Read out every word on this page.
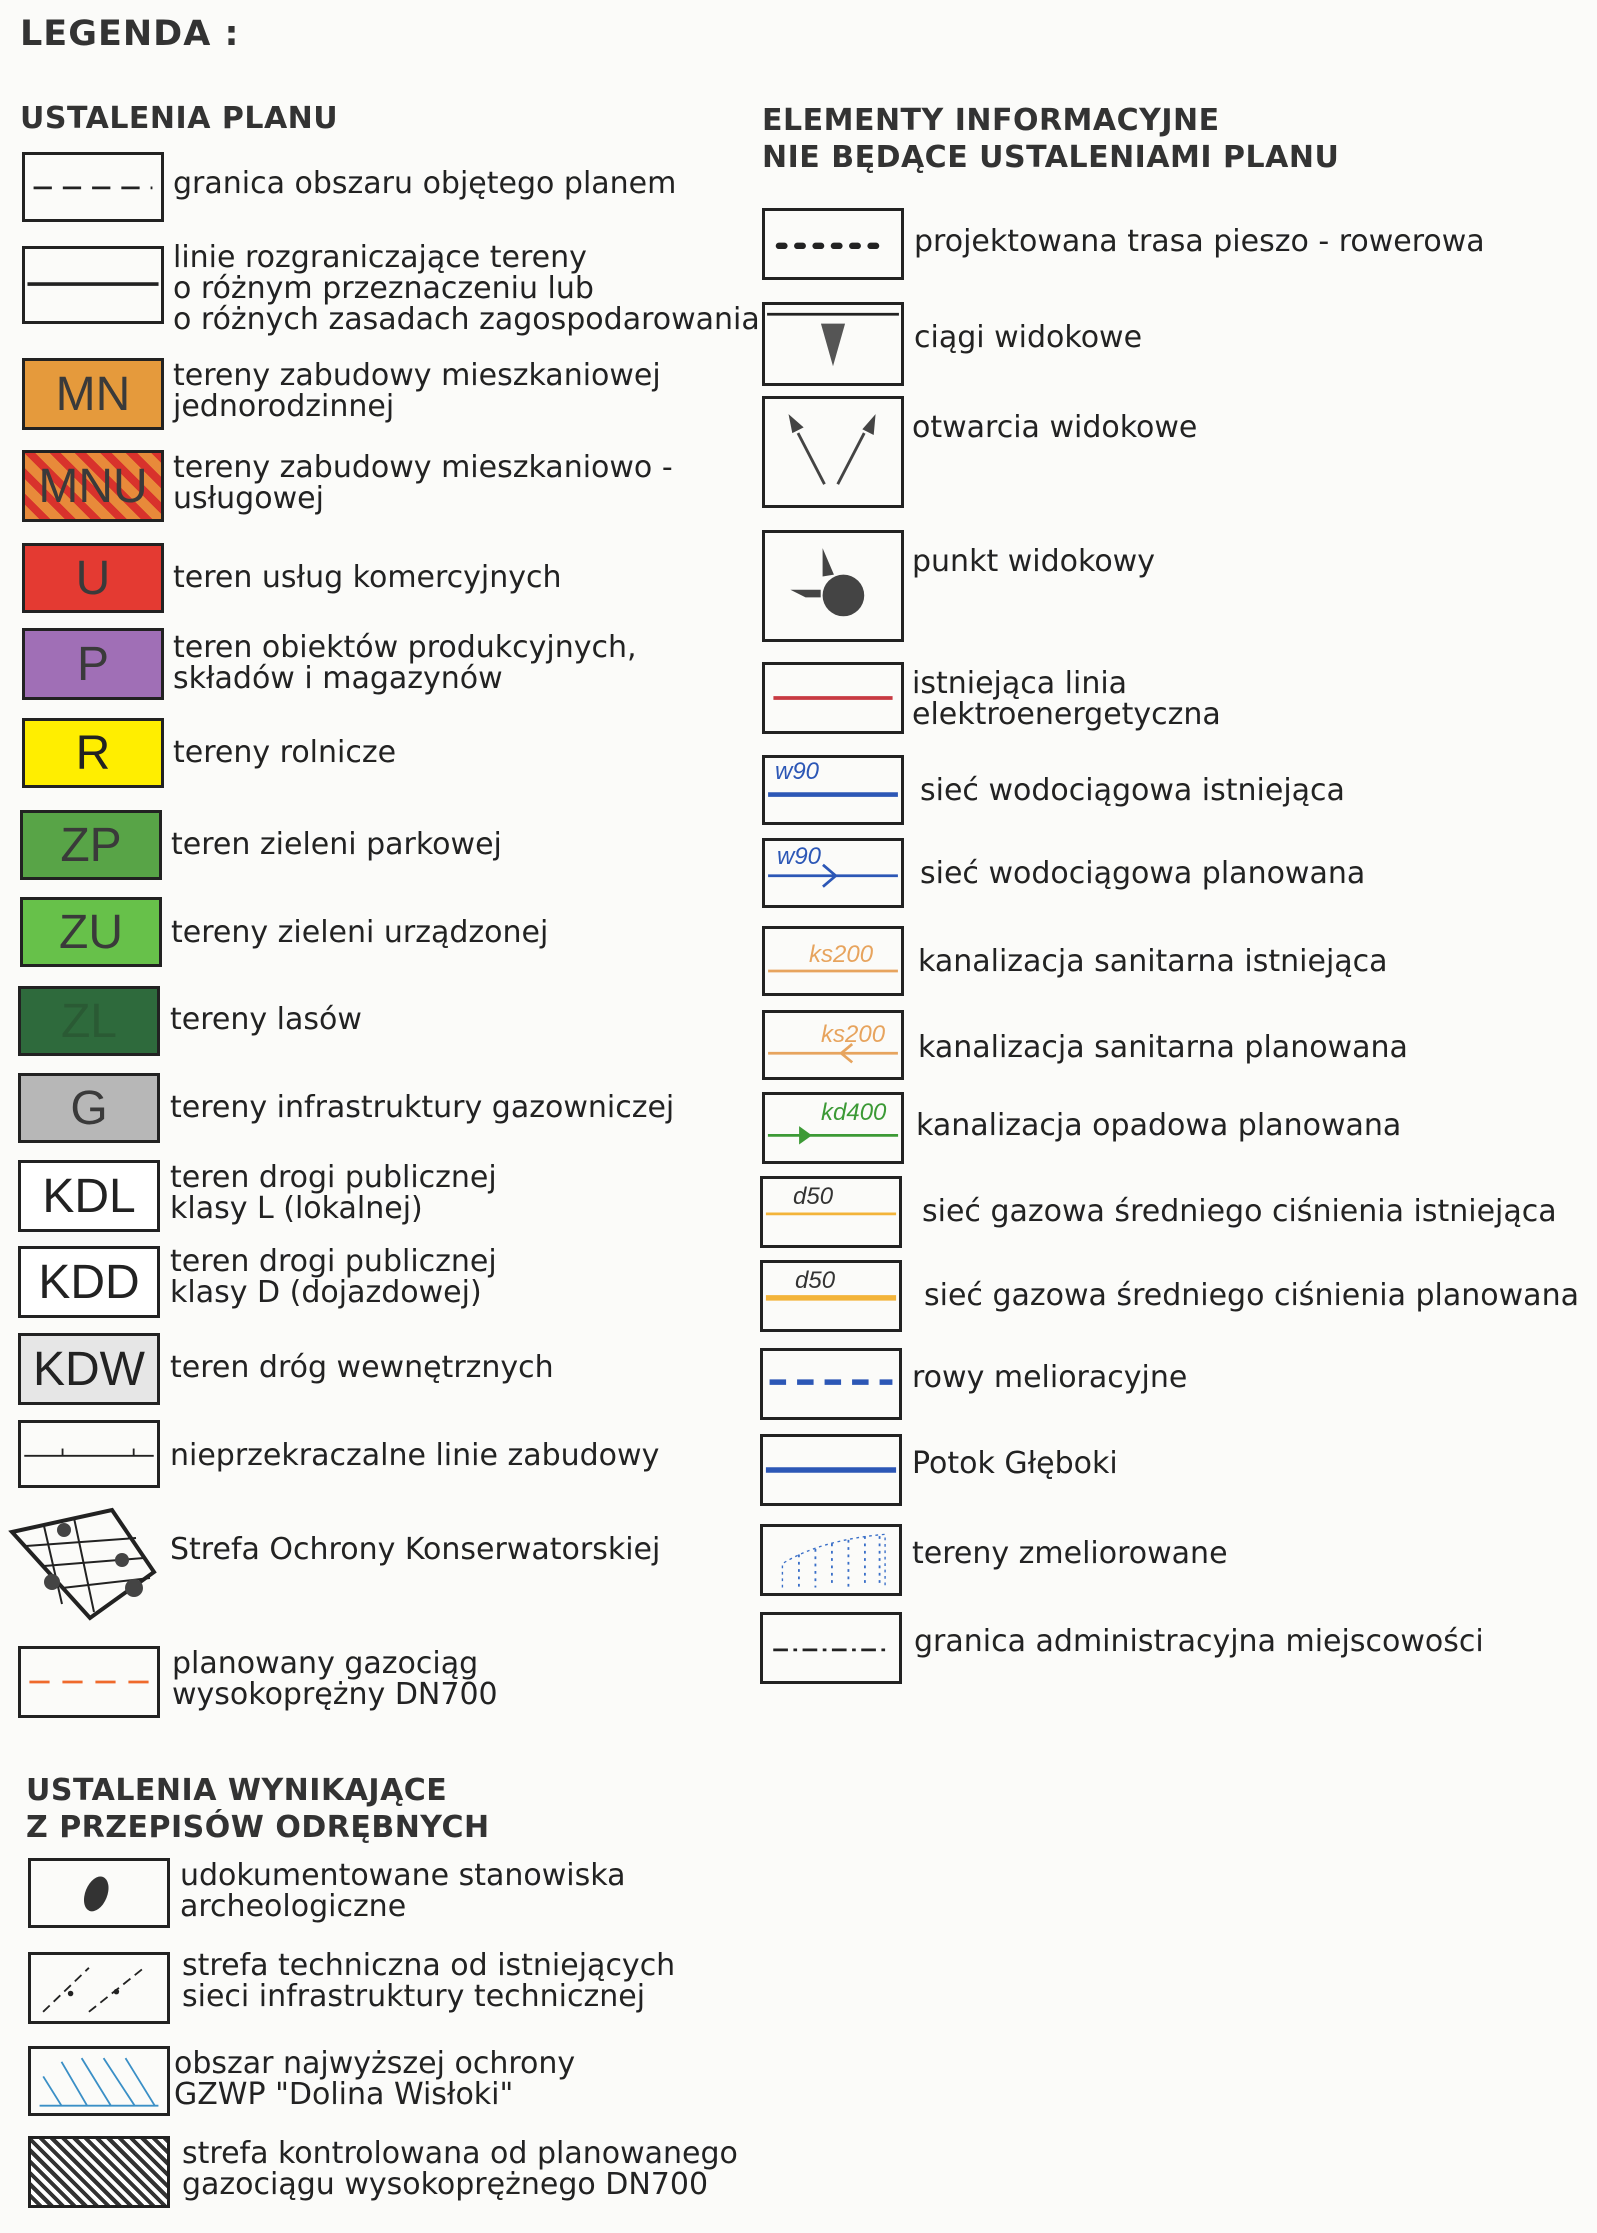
LEGENDA :
USTALENIA PLANU
granica obszaru objętego planem
linie rozgraniczające tereny
o różnym przeznaczeniu lub
o różnych zasadach zagospodarowania
MN tereny zabudowy mieszkaniowej
jednorodzinnej
MNU tereny zabudowy mieszkaniowo -
usługowej
U teren usług komercyjnych
P teren obiektów produkcyjnych,
składów i magazynów
R tereny rolnicze
ZP teren zieleni parkowej
ZU tereny zieleni urządzonej
ZL tereny lasów
G tereny infrastruktury gazowniczej
KDL teren drogi publicznej
klasy L (lokalnej)
KDD teren drogi publicznej
klasy D (dojazdowej)
KDW teren dróg wewnętrznych
nieprzekraczalne linie zabudowy
Strefa Ochrony Konserwatorskiej
planowany gazociąg
wysokoprężny DN700
USTALENIA WYNIKAJĄCE
Z PRZEPISÓW ODRĘBNYCH
udokumentowane stanowiska
archeologiczne
strefa techniczna od istniejących
sieci infrastruktury technicznej
obszar najwyższej ochrony
GZWP "Dolina Wisłoki"
strefa kontrolowana od planowanego
gazociągu wysokoprężnego DN700
ELEMENTY INFORMACYJNE
NIE BĘDĄCE USTALENIAMI PLANU
projektowana trasa pieszo - rowerowa
ciągi widokowe
otwarcia widokowe
punkt widokowy
istniejąca linia
elektroenergetyczna
w90
sieć wodociągowa istniejąca
w90	sieć wodociągowa planowana
ks200 kanalizacja sanitarna istniejąca
ks200 kanalizacja sanitarna planowana
kd400 kanalizacja opadowa planowana
d50	sieć gazowa średniego ciśnienia istniejąca
d50	sieć gazowa średniego ciśnienia planowana
rowy melioracyjne
Potok Głęboki
tereny zmeliorowane
granica administracyjna miejscowości
